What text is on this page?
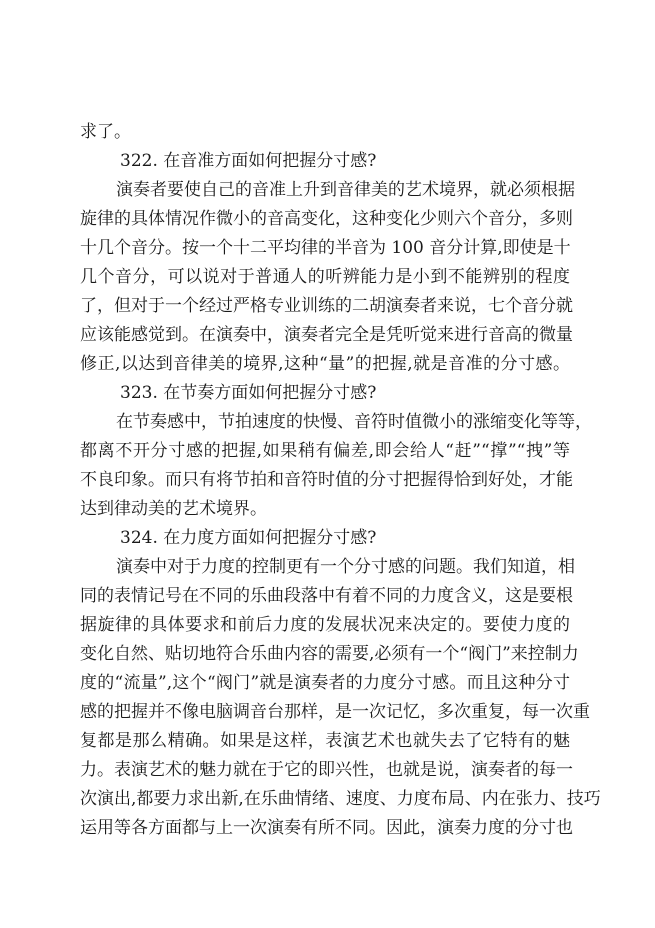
求了。
322. 在音准方面如何把握分寸感?
演奏者要使自己的音准上升到音律美的艺术境界，就必须根据
旋律的具体情况作微小的音高变化，这种变化少则六个音分，多则
十几个音分。按一个十二平均律的半音为 100 音分计算,即使是十
几个音分，可以说对于普通人的听辨能力是小到不能辨别的程度
了，但对于一个经过严格专业训练的二胡演奏者来说，七个音分就
应该能感觉到。在演奏中，演奏者完全是凭听觉来进行音高的微量
修正,以达到音律美的境界,这种“量”的把握,就是音准的分寸感。
323. 在节奏方面如何把握分寸感?
在节奏感中，节拍速度的快慢、音符时值微小的涨缩变化等等，
都离不开分寸感的把握,如果稍有偏差,即会给人“赶”“撑”“拽”等
不良印象。而只有将节拍和音符时值的分寸把握得恰到好处，才能
达到律动美的艺术境界。
324. 在力度方面如何把握分寸感?
演奏中对于力度的控制更有一个分寸感的问题。我们知道，相
同的表情记号在不同的乐曲段落中有着不同的力度含义，这是要根
据旋律的具体要求和前后力度的发展状况来决定的。要使力度的
变化自然、贴切地符合乐曲内容的需要,必须有一个“阀门”来控制力
度的“流量”,这个“阀门”就是演奏者的力度分寸感。而且这种分寸
感的把握并不像电脑调音台那样，是一次记忆，多次重复，每一次重
复都是那么精确。如果是这样，表演艺术也就失去了它特有的魅
力。表演艺术的魅力就在于它的即兴性，也就是说，演奏者的每一
次演出,都要力求出新,在乐曲情绪、速度、力度布局、内在张力、技巧
运用等各方面都与上一次演奏有所不同。因此，演奏力度的分寸也
